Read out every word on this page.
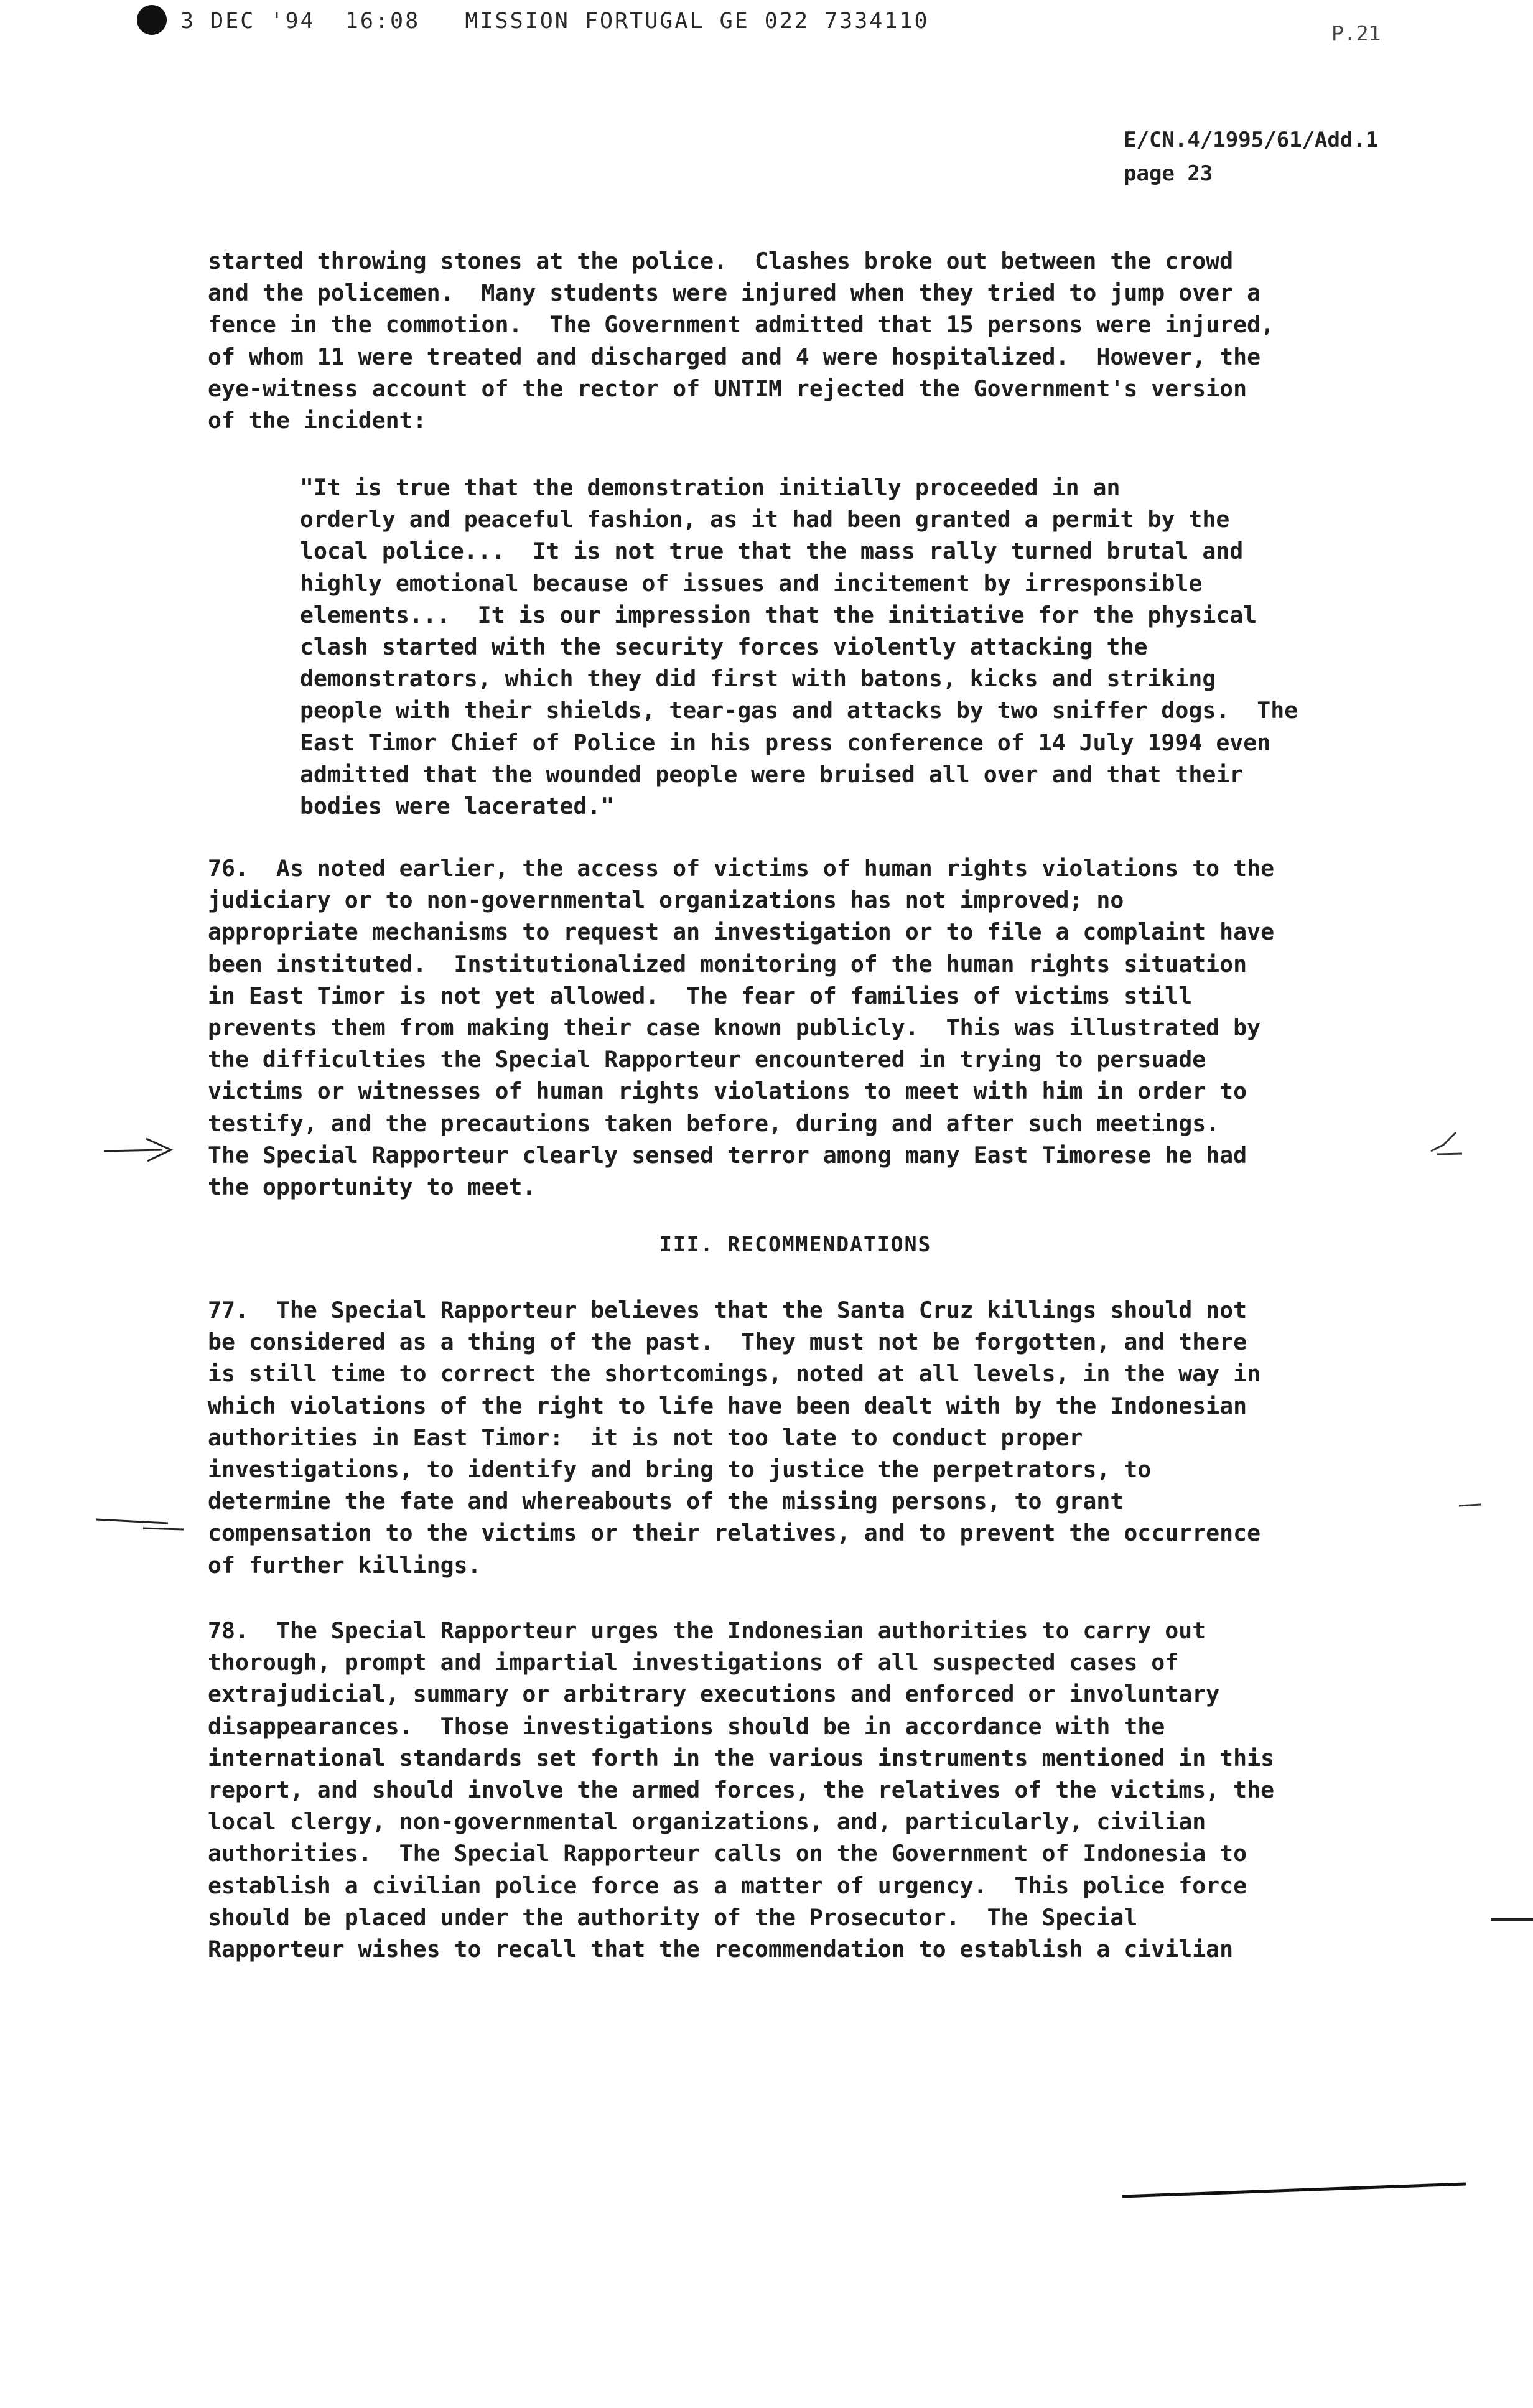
3 DEC '94  16:08   MISSION FORTUGAL GE 022 7334110	P.21
E/CN.4/1995/61/Add.1
page 23
started throwing stones at the police.  Clashes broke out between the crowd
and the policemen.  Many students were injured when they tried to jump over a
fence in the commotion.  The Government admitted that 15 persons were injured,
of whom 11 were treated and discharged and 4 were hospitalized.  However, the
eye-witness account of the rector of UNTIM rejected the Government's version
of the incident:
"It is true that the demonstration initially proceeded in an
orderly and peaceful fashion, as it had been granted a permit by the
local police...  It is not true that the mass rally turned brutal and
highly emotional because of issues and incitement by irresponsible
elements...  It is our impression that the initiative for the physical
clash started with the security forces violently attacking the
demonstrators, which they did first with batons, kicks and striking
people with their shields, tear-gas and attacks by two sniffer dogs.  The
East Timor Chief of Police in his press conference of 14 July 1994 even
admitted that the wounded people were bruised all over and that their
bodies were lacerated."
76.  As noted earlier, the access of victims of human rights violations to the
judiciary or to non-governmental organizations has not improved; no
appropriate mechanisms to request an investigation or to file a complaint have
been instituted.  Institutionalized monitoring of the human rights situation
in East Timor is not yet allowed.  The fear of families of victims still
prevents them from making their case known publicly.  This was illustrated by
the difficulties the Special Rapporteur encountered in trying to persuade
victims or witnesses of human rights violations to meet with him in order to
testify, and the precautions taken before, during and after such meetings.
The Special Rapporteur clearly sensed terror among many East Timorese he had
the opportunity to meet.
III. RECOMMENDATIONS
77.  The Special Rapporteur believes that the Santa Cruz killings should not
be considered as a thing of the past.  They must not be forgotten, and there
is still time to correct the shortcomings, noted at all levels, in the way in
which violations of the right to life have been dealt with by the Indonesian
authorities in East Timor:  it is not too late to conduct proper
investigations, to identify and bring to justice the perpetrators, to
determine the fate and whereabouts of the missing persons, to grant
compensation to the victims or their relatives, and to prevent the occurrence
of further killings.
78.  The Special Rapporteur urges the Indonesian authorities to carry out
thorough, prompt and impartial investigations of all suspected cases of
extrajudicial, summary or arbitrary executions and enforced or involuntary
disappearances.  Those investigations should be in accordance with the
international standards set forth in the various instruments mentioned in this
report, and should involve the armed forces, the relatives of the victims, the
local clergy, non-governmental organizations, and, particularly, civilian
authorities.  The Special Rapporteur calls on the Government of Indonesia to
establish a civilian police force as a matter of urgency.  This police force
should be placed under the authority of the Prosecutor.  The Special
Rapporteur wishes to recall that the recommendation to establish a civilian
